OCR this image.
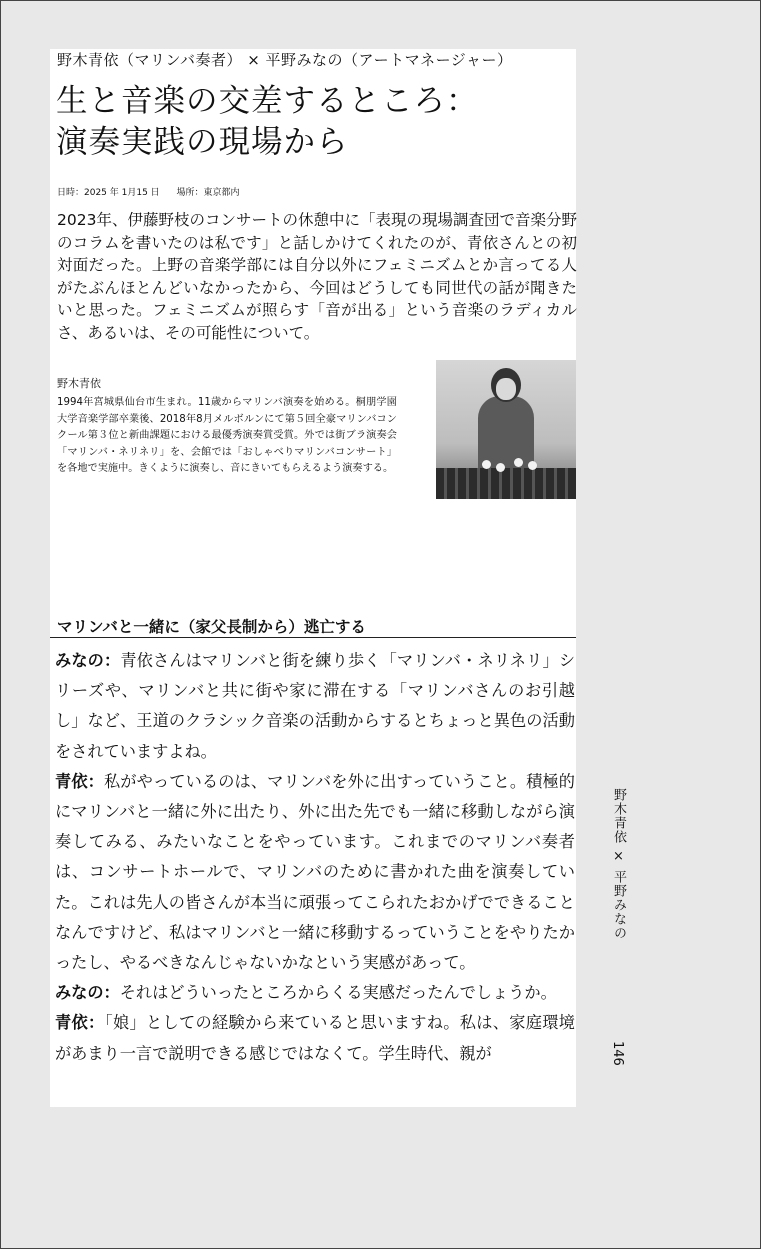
野木青依（マリンバ奏者） × 平野みなの（アートマネージャー）
生と音楽の交差するところ：
演奏実践の現場から
日時：2025 年 1月15 日 場所：東京都内

2023年、伊藤野枝のコンサートの休憩中に「表現の現場調査団で音楽分野のコラムを書いたのは私です」と話しかけてくれたのが、青依さんとの初対面だった。上野の音楽学部には自分以外にフェミニズムとか言ってる人がたぶんほとんどいなかったから、今回はどうしても同世代の話が聞きたいと思った。フェミニズムが照らす「音が出る」という音楽のラディカルさ、あるいは、その可能性について。

野木青依

1994年宮城県仙台市生まれ。11歳からマリンバ演奏を始める。桐朋学園大学音楽学部卒業後、2018年8月メルボルンにて第５回全豪マリンバコンクール第３位と新曲課題における最優秀演奏賞受賞。外では街ブラ演奏会「マリンバ・ネリネリ」を、会館では「おしゃべりマリンバコンサート」を各地で実施中。きくように演奏し、音にきいてもらえるよう演奏する。

マリンバと一緒に（家父長制から）逃亡する

みなの：青依さんはマリンバと街を練り歩く「マリンバ・ネリネリ」シリーズや、マリンバと共に街や家に滞在する「マリンバさんのお引越し」など、王道のクラシック音楽の活動からするとちょっと異色の活動をされていますよね。

青依：私がやっているのは、マリンバを外に出すっていうこと。積極的にマリンバと一緒に外に出たり、外に出た先でも一緒に移動しながら演奏してみる、みたいなことをやっています。これまでのマリンバ奏者は、コンサートホールで、マリンバのために書かれた曲を演奏していた。これは先人の皆さんが本当に頑張ってこられたおかげでできることなんですけど、私はマリンバと一緒に移動するっていうことをやりたかったし、やるべきなんじゃないかなという実感があって。

みなの：それはどういったところからくる実感だったんでしょうか。

青依：「娘」としての経験から来ていると思いますね。私は、家庭環境があまり一言で説明できる感じではなくて。学生時代、親が

野木青依 × 平野みなの
146
